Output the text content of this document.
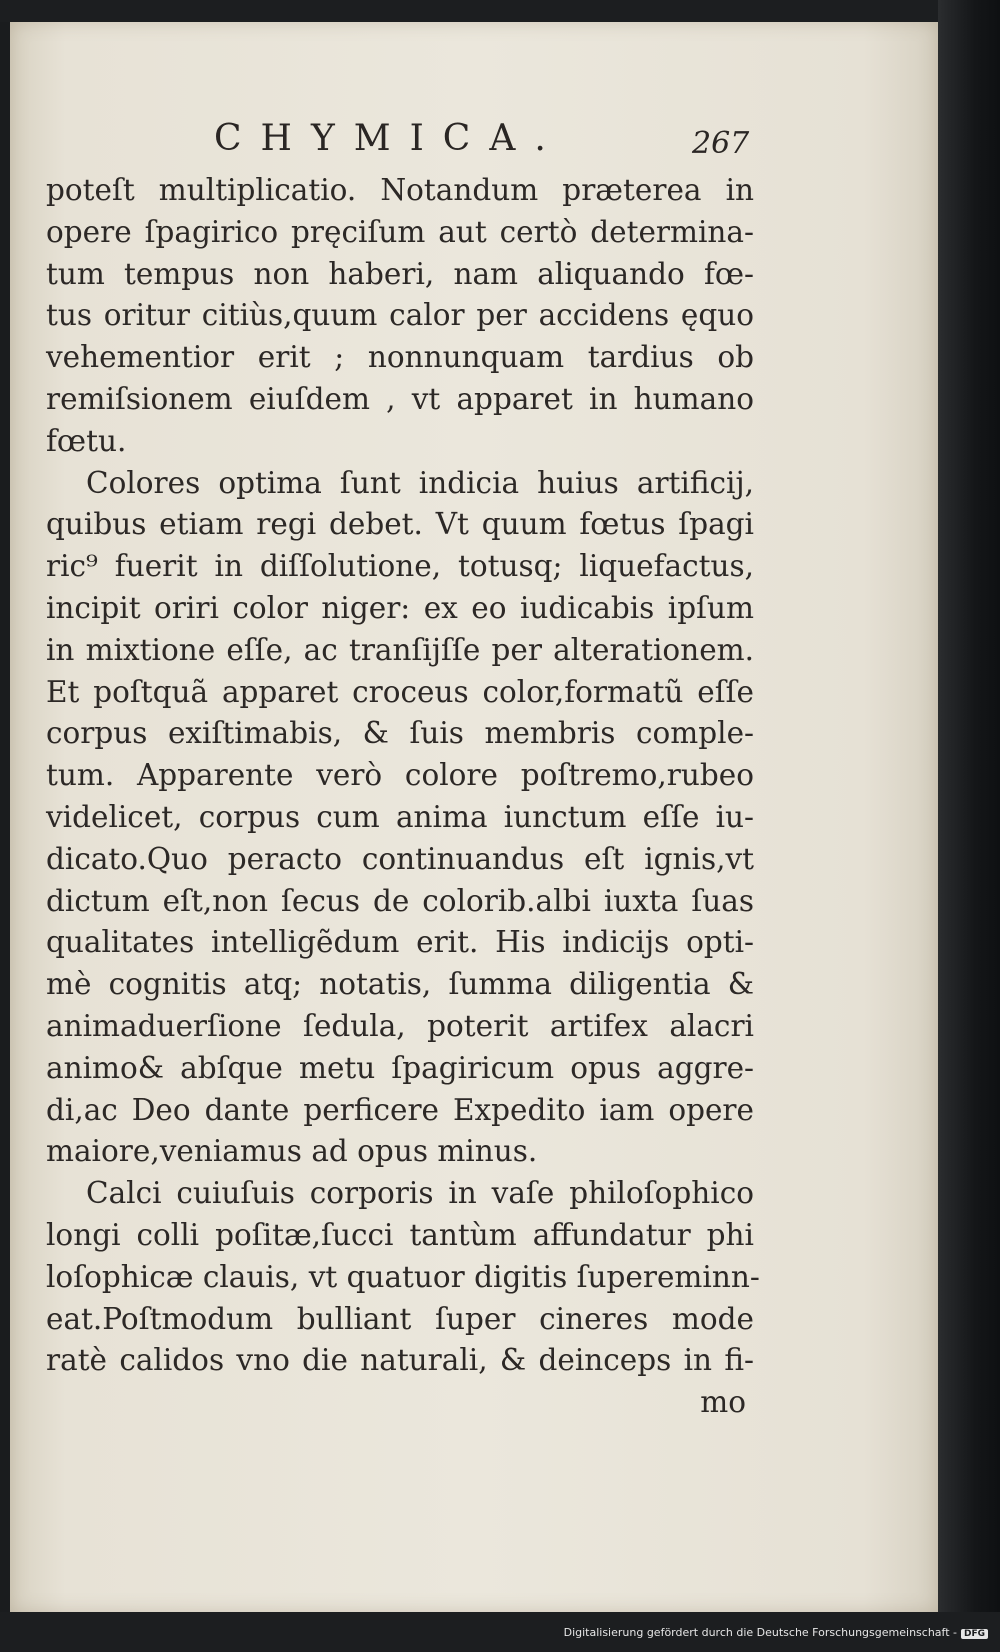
CHYMICA.	267
poteſt multiplicatio. Notandum præterea in
opere ſpagirico pręciſum aut certò determina-
tum tempus non haberi, nam aliquando fœ-
tus oritur citiùs,quum calor per accidens ęquo
vehementior erit ; nonnunquam tardius ob
remiſsionem eiuſdem , vt apparet in humano
fœtu.
Colores optima ſunt indicia huius artificij,
quibus etiam regi debet. Vt quum fœtus ſpagi
ric⁹ fuerit in diſſolutione, totusq; liquefactus,
incipit oriri color niger: ex eo iudicabis ipſum
in mixtione eſſe, ac tranſijſſe per alterationem.
Et poſtquã apparet croceus color,formatũ eſſe
corpus exiſtimabis, & ſuis membris comple-
tum. Apparente verò colore poſtremo,rubeo
videlicet, corpus cum anima iunctum eſſe iu-
dicato.Quo peracto continuandus eſt ignis,vt
dictum eſt,non ſecus de colorib.albi iuxta ſuas
qualitates intelligẽdum erit. His indicijs opti-
mè cognitis atq; notatis, ſumma diligentia &
animaduerſione ſedula, poterit artifex alacri
animo& abſque metu ſpagiricum opus aggre-
di,ac Deo dante perficere Expedito iam opere
maiore,veniamus ad opus minus.
Calci cuiuſuis corporis in vaſe philoſophico
longi colli poſitæ,ſucci tantùm affundatur phi
loſophicæ clauis, vt quatuor digitis ſupereminn-
eat.Poſtmodum bulliant ſuper cineres mode
ratè calidos vno die naturali, & deinceps in fi-
mo
Digitalisierung gefördert durch die Deutsche Forschungsgemeinschaft - DFG
